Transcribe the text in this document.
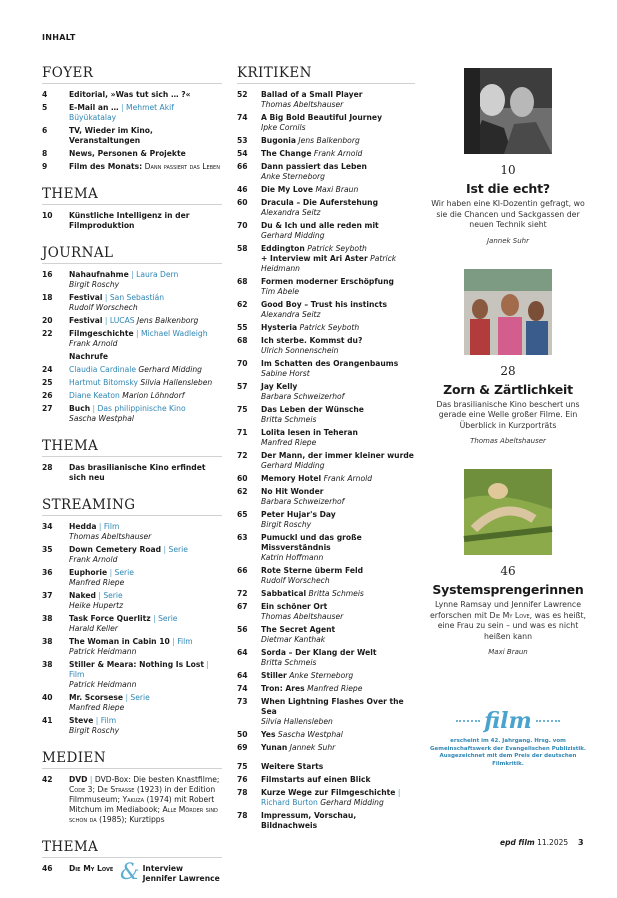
INHALT
FOYER
4	Editorial, »Was tut sich … ?«
5	E-Mail an … | Mehmet Akif Büyükatalay
6	TV, Wieder im Kino, Veranstaltungen
8	News, Personen & Projekte
9	Film des Monats: Dann passiert das Leben
THEMA
10	Künstliche Intelligenz in der Filmproduktion
JOURNAL
16	Nahaufnahme | Laura Dern
Birgit Roschy
18	Festival | San Sebastián
Rudolf Worschech
20	Festival | LUCAS Jens Balkenborg
22	Filmgeschichte | Michael Wadleigh
Frank Arnold
Nachrufe
24	Claudia Cardinale Gerhard Midding
25	Hartmut Bitomsky Silvia Hallensleben
26	Diane Keaton Marion Löhndorf
27	Buch | Das philippinische Kino
Sascha Westphal
THEMA
28	Das brasilianische Kino erfindet sich neu
STREAMING
34	Hedda | Film
Thomas Abeltshauser
35	Down Cemetery Road | Serie
Frank Arnold
36	Euphorie | Serie
Manfred Riepe
37	Naked | Serie
Heike Hupertz
38	Task Force Querlitz | Serie
Harald Keller
38	The Woman in Cabin 10 | Film
Patrick Heidmann
38	Stiller & Meara: Nothing Is Lost | Film
Patrick Heidmann
40	Mr. Scorsese | Serie
Manfred Riepe
41	Steve | Film
Birgit Roschy
MEDIEN
42	DVD | DVD-Box: Die besten Knastfilme; Code 3; Die Strasse (1923) in der Edition Filmmuseum; Yakuza (1974) mit Robert Mitchum im Mediabook; Alle Mörder sind schon da (1985); Kurztipps
THEMA
46	Die My Love & Interview
Jennifer Lawrence
KRITIKEN
52	Ballad of a Small Player
Thomas Abeltshauser
74	A Big Bold Beautiful Journey
Ipke Cornils
53	Bugonia Jens Balkenborg
54	The Change Frank Arnold
66	Dann passiert das Leben
Anke Sterneborg
46	Die My Love Maxi Braun
60	Dracula – Die Auferstehung
Alexandra Seitz
70	Du & Ich und alle reden mit
Gerhard Midding
58	Eddington Patrick Seyboth
+ Interview mit Ari Aster Patrick Heidmann
68	Formen moderner Erschöpfung
Tim Abele
62	Good Boy – Trust his instincts
Alexandra Seitz
55	Hysteria Patrick Seyboth
68	Ich sterbe. Kommst du?
Ulrich Sonnenschein
70	Im Schatten des Orangenbaums
Sabine Horst
57	Jay Kelly
Barbara Schweizerhof
75	Das Leben der Wünsche
Britta Schmeis
71	Lolita lesen in Teheran
Manfred Riepe
72	Der Mann, der immer kleiner wurde
Gerhard Midding
60	Memory Hotel Frank Arnold
62	No Hit Wonder
Barbara Schweizerhof
65	Peter Hujar's Day
Birgit Roschy
63	Pumuckl und das große Missverständnis
Katrin Hoffmann
66	Rote Sterne überm Feld
Rudolf Worschech
72	Sabbatical Britta Schmeis
67	Ein schöner Ort
Thomas Abeltshauser
56	The Secret Agent
Dietmar Kanthak
64	Sorda – Der Klang der Welt
Britta Schmeis
64	Stiller Anke Sterneborg
74	Tron: Ares Manfred Riepe
73	When Lightning Flashes Over the Sea
Silvia Hallensleben
50	Yes Sascha Westphal
69	Yunan Jannek Suhr
75	Weitere Starts
76	Filmstarts auf einen Blick
78	Kurze Wege zur Filmgeschichte |
Richard Burton Gerhard Midding
78	Impressum, Vorschau, Bildnachweis
10
Ist die echt?
Wir haben eine KI-Dozentin gefragt, wo sie die Chancen und Sackgassen der neuen Technik sieht
Jannek Suhr
28
Zorn & Zärtlichkeit
Das brasilianische Kino beschert uns gerade eine Welle großer Filme. Ein Überblick in Kurzporträts
Thomas Abeltshauser
46
Systemsprengerinnen
Lynne Ramsay und Jennifer Lawrence erforschen mit Die My Love, was es heißt, eine Frau zu sein – und was es nicht heißen kann
Maxi Braun
film
erscheint im 42. Jahrgang. Hrsg. vom Gemeinschaftswerk der Evangelischen Publizistik. Ausgezeichnet mit dem Preis der deutschen Filmkritik.
epd film 11.2025 3
